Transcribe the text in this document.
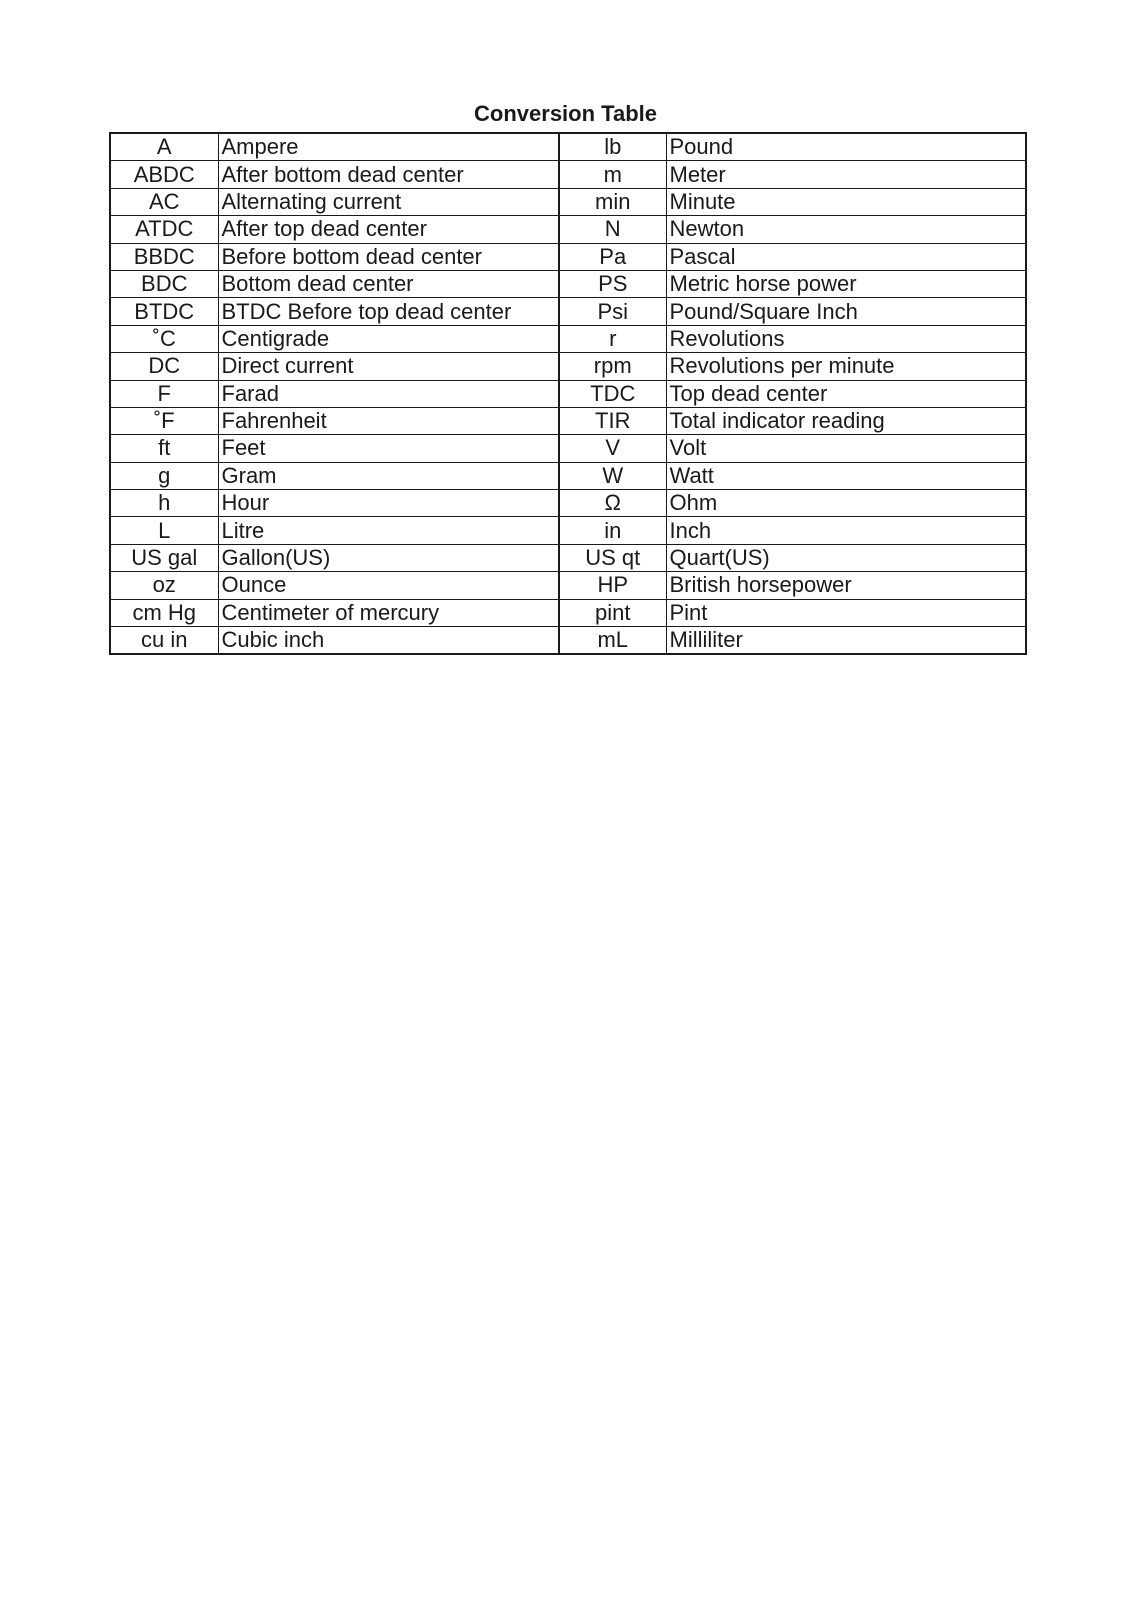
Conversion Table
A	Ampere	lb	Pound
ABDC	After bottom dead center	m	Meter
AC	Alternating current	min	Minute
ATDC	After top dead center	N	Newton
BBDC	Before bottom dead center	Pa	Pascal
BDC	Bottom dead center	PS	Metric horse power
BTDC	BTDC Before top dead center	Psi	Pound/Square Inch
˚C	Centigrade	r	Revolutions
DC	Direct current	rpm	Revolutions per minute
F	Farad	TDC	Top dead center
˚F	Fahrenheit	TIR	Total indicator reading
ft	Feet	V	Volt
g	Gram	W	Watt
h	Hour	Ω	Ohm
L	Litre	in	Inch
US gal	Gallon(US)	US qt	Quart(US)
oz	Ounce	HP	British horsepower
cm Hg	Centimeter of mercury	pint	Pint
cu in	Cubic inch	mL	Milliliter
